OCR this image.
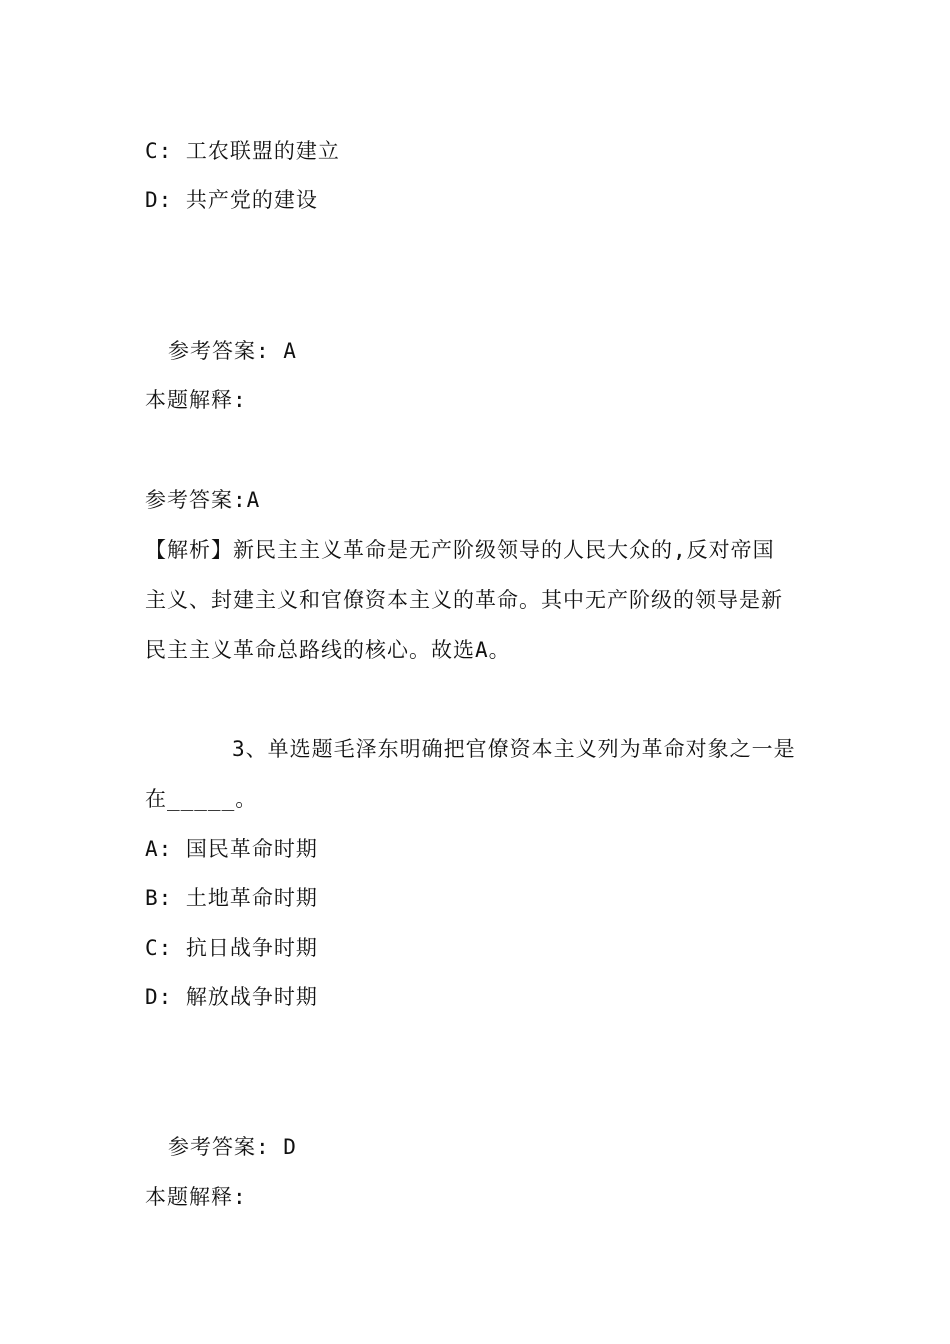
C: 工农联盟的建立
D: 共产党的建设
参考答案: A
本题解释:
参考答案:A
【解析】新民主主义革命是无产阶级领导的人民大众的,反对帝国
主义、封建主义和官僚资本主义的革命。其中无产阶级的领导是新
民主主义革命总路线的核心。故选A。
3、单选题毛泽东明确把官僚资本主义列为革命对象之一是
在_____。
A: 国民革命时期
B: 土地革命时期
C: 抗日战争时期
D: 解放战争时期
参考答案: D
本题解释:
